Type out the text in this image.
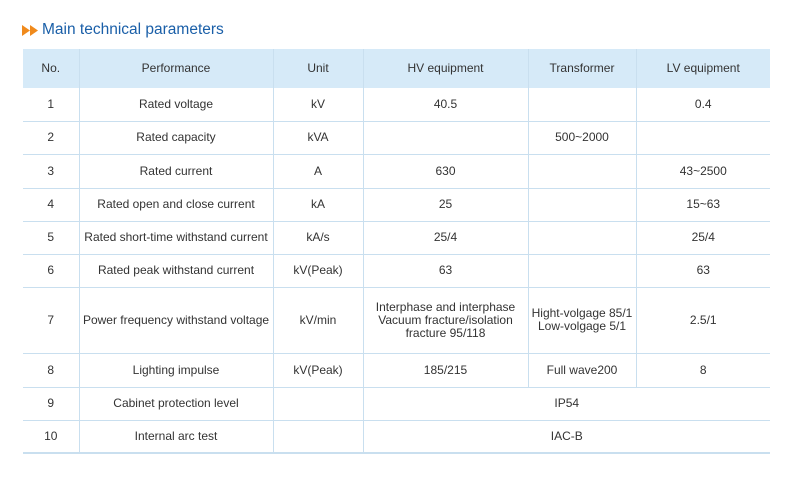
Main technical parameters
No.	Performance	Unit	HV equipment	Transformer	LV equipment
1	Rated voltage	kV	40.5		0.4
2	Rated capacity	kVA		500~2000	
3	Rated current	A	630		43~2500
4	Rated open and close current	kA	25		15~63
5	Rated short-time withstand current	kA/s	25/4		25/4
6	Rated peak withstand current	kV(Peak)	63		63
7	Power frequency withstand voltage	kV/min	Interphase and interphase
Vacuum fracture/isolation
fracture 95/118	Hight-volgage 85/1
Low-volgage 5/1	2.5/1
8	Lighting impulse	kV(Peak)	185/215	Full wave200	8
9	Cabinet protection level		IP54		
10	Internal arc test		IAC-B		
